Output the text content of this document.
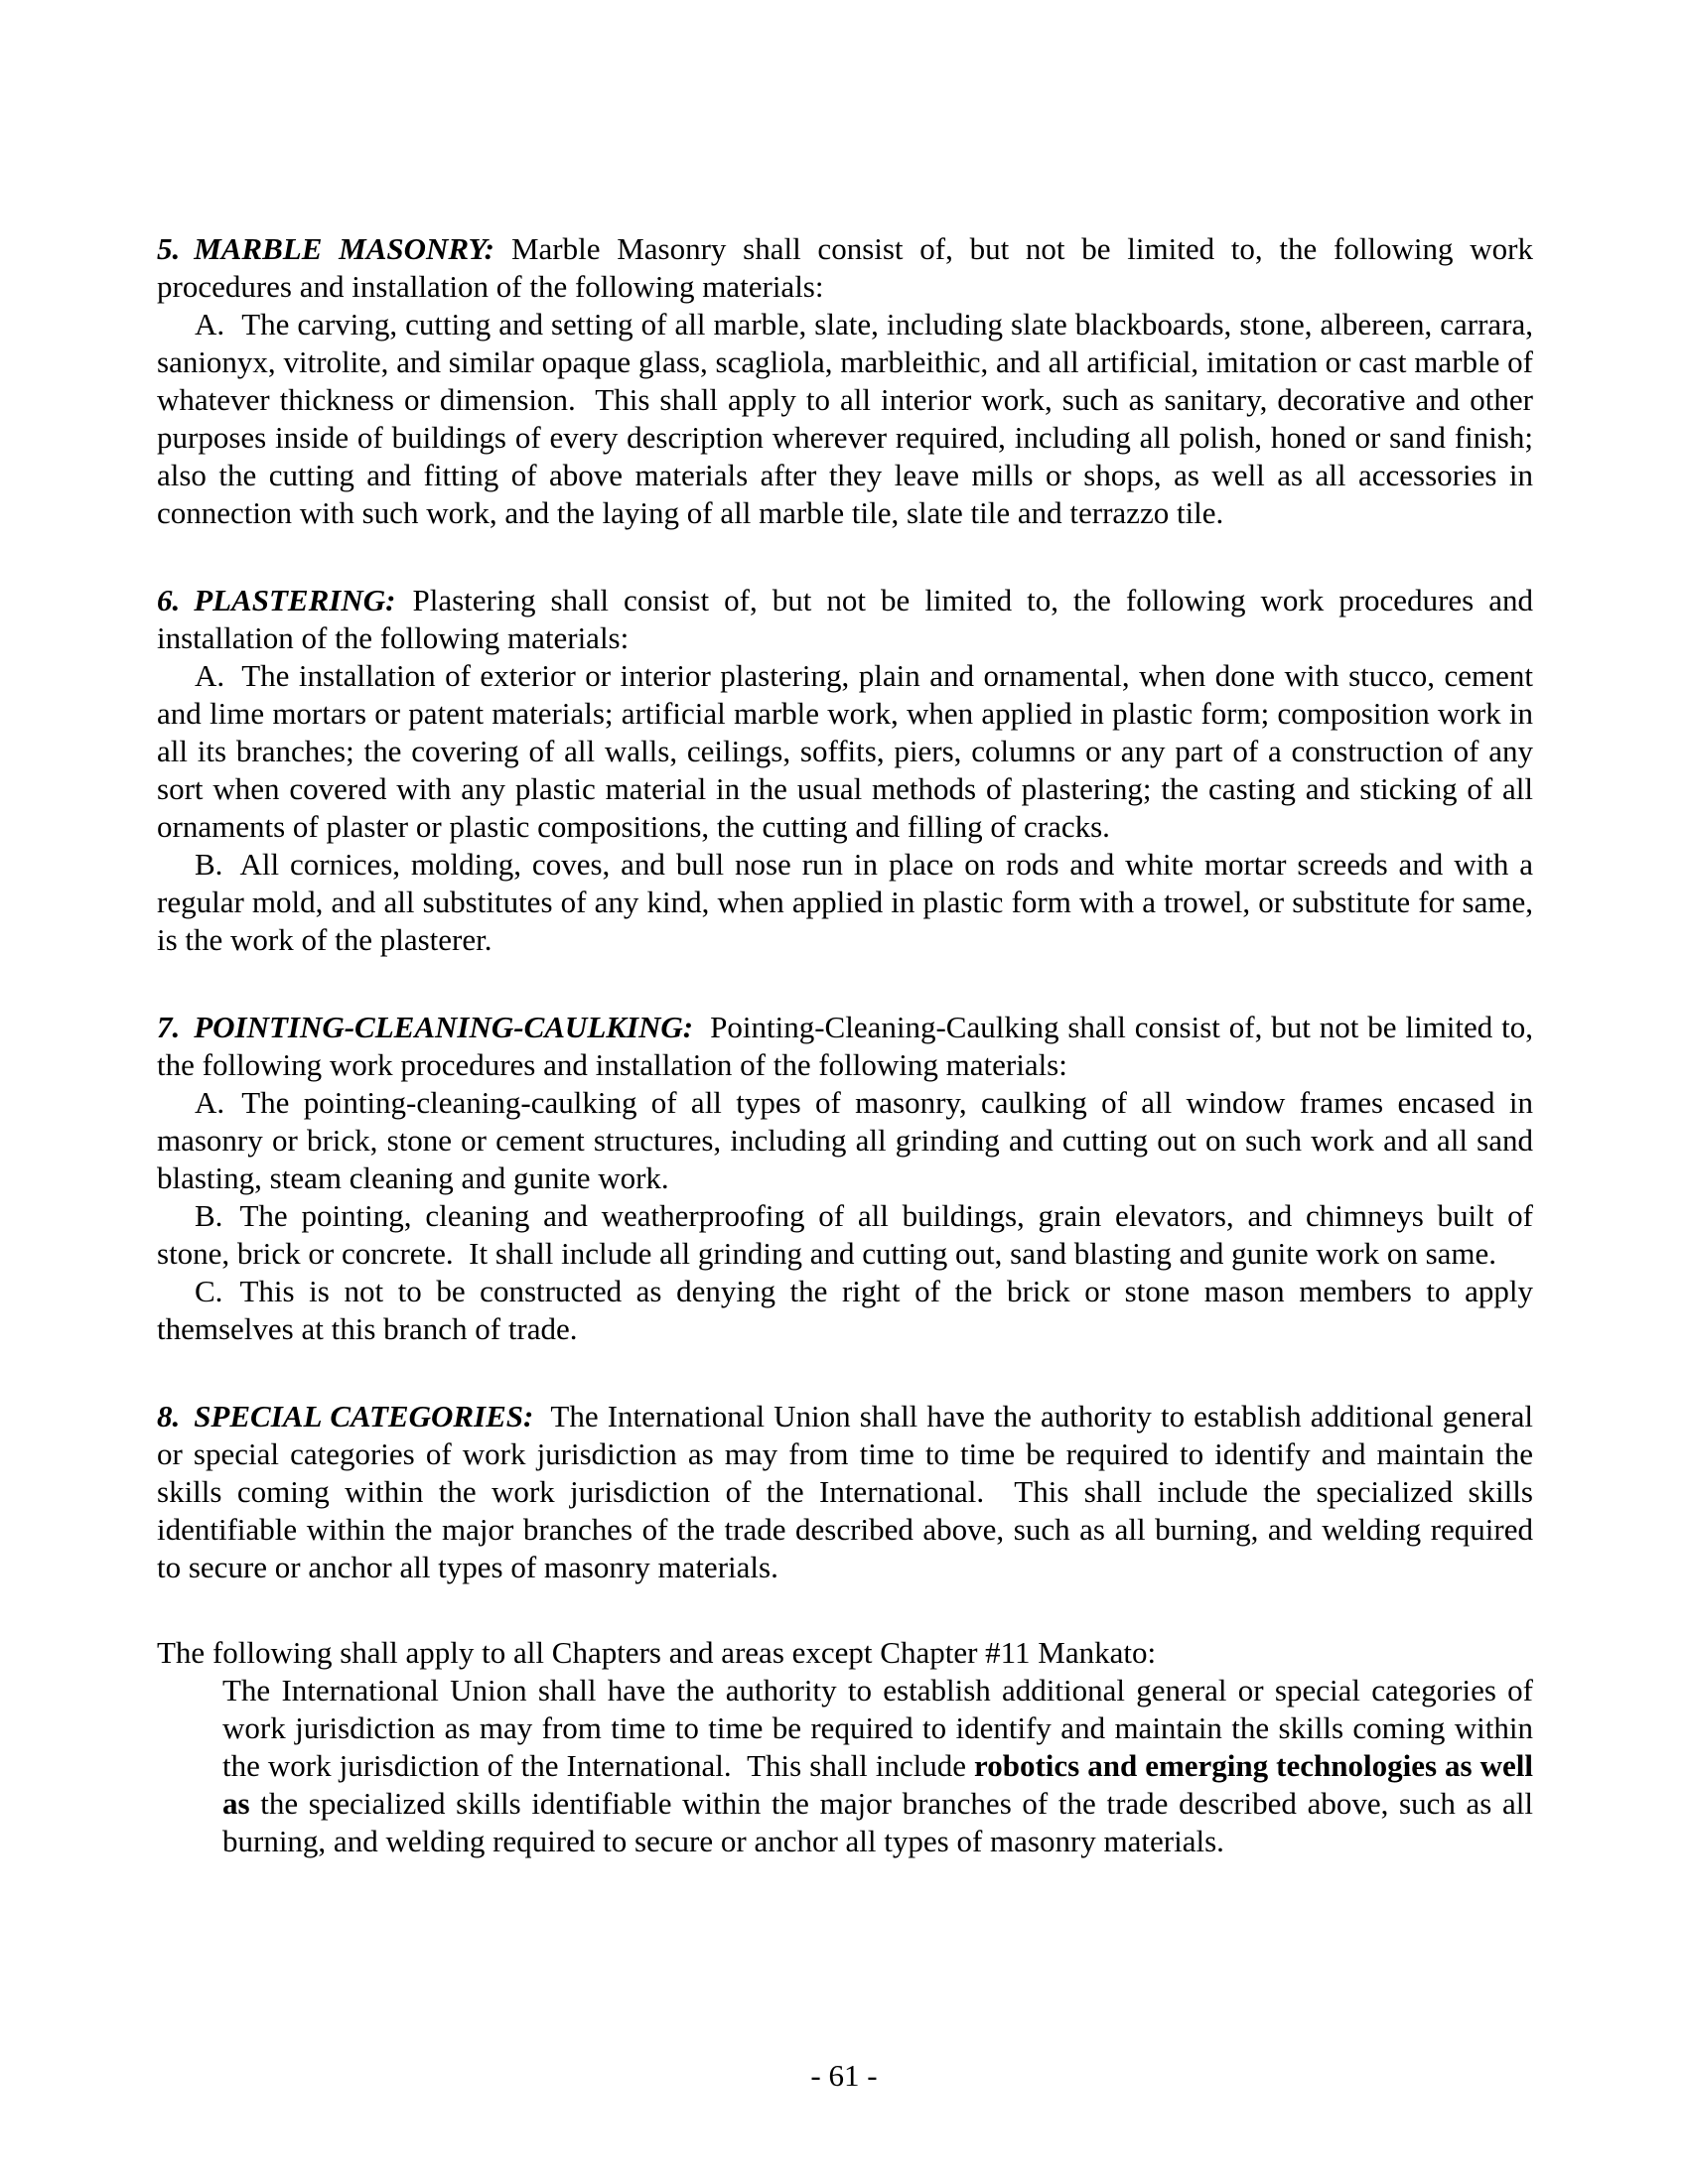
5. MARBLE MASONRY: Marble Masonry shall consist of, but not be limited to, the following work procedures and installation of the following materials:

A. The carving, cutting and setting of all marble, slate, including slate blackboards, stone, albereen, carrara, sanionyx, vitrolite, and similar opaque glass, scagliola, marbleithic, and all artificial, imitation or cast marble of whatever thickness or dimension.  This shall apply to all interior work, such as sanitary, decorative and other purposes inside of buildings of every description wherever required, including all polish, honed or sand finish; also the cutting and fitting of above materials after they leave mills or shops, as well as all accessories in connection with such work, and the laying of all marble tile, slate tile and terrazzo tile.

6. PLASTERING: Plastering shall consist of, but not be limited to, the following work procedures and installation of the following materials:

A. The installation of exterior or interior plastering, plain and ornamental, when done with stucco, cement and lime mortars or patent materials; artificial marble work, when applied in plastic form; composition work in all its branches; the covering of all walls, ceilings, soffits, piers, columns or any part of a construction of any sort when covered with any plastic material in the usual methods of plastering; the casting and sticking of all ornaments of plaster or plastic compositions, the cutting and filling of cracks.

B. All cornices, molding, coves, and bull nose run in place on rods and white mortar screeds and with a regular mold, and all substitutes of any kind, when applied in plastic form with a trowel, or substitute for same, is the work of the plasterer.

7. POINTING-CLEANING-CAULKING: Pointing-Cleaning-Caulking shall consist of, but not be limited to, the following work procedures and installation of the following materials:

A. The pointing-cleaning-caulking of all types of masonry, caulking of all window frames encased in masonry or brick, stone or cement structures, including all grinding and cutting out on such work and all sand blasting, steam cleaning and gunite work.

B. The pointing, cleaning and weatherproofing of all buildings, grain elevators, and chimneys built of stone, brick or concrete.  It shall include all grinding and cutting out, sand blasting and gunite work on same.

C. This is not to be constructed as denying the right of the brick or stone mason members to apply themselves at this branch of trade.

8. SPECIAL CATEGORIES: The International Union shall have the authority to establish additional general or special categories of work jurisdiction as may from time to time be required to identify and maintain the skills coming within the work jurisdiction of the International.  This shall include the specialized skills identifiable within the major branches of the trade described above, such as all burning, and welding required to secure or anchor all types of masonry materials.

The following shall apply to all Chapters and areas except Chapter #11 Mankato:

The International Union shall have the authority to establish additional general or special categories of work jurisdiction as may from time to time be required to identify and maintain the skills coming within the work jurisdiction of the International.  This shall include robotics and emerging technologies as well as the specialized skills identifiable within the major branches of the trade described above, such as all burning, and welding required to secure or anchor all types of masonry materials.

- 61 -
